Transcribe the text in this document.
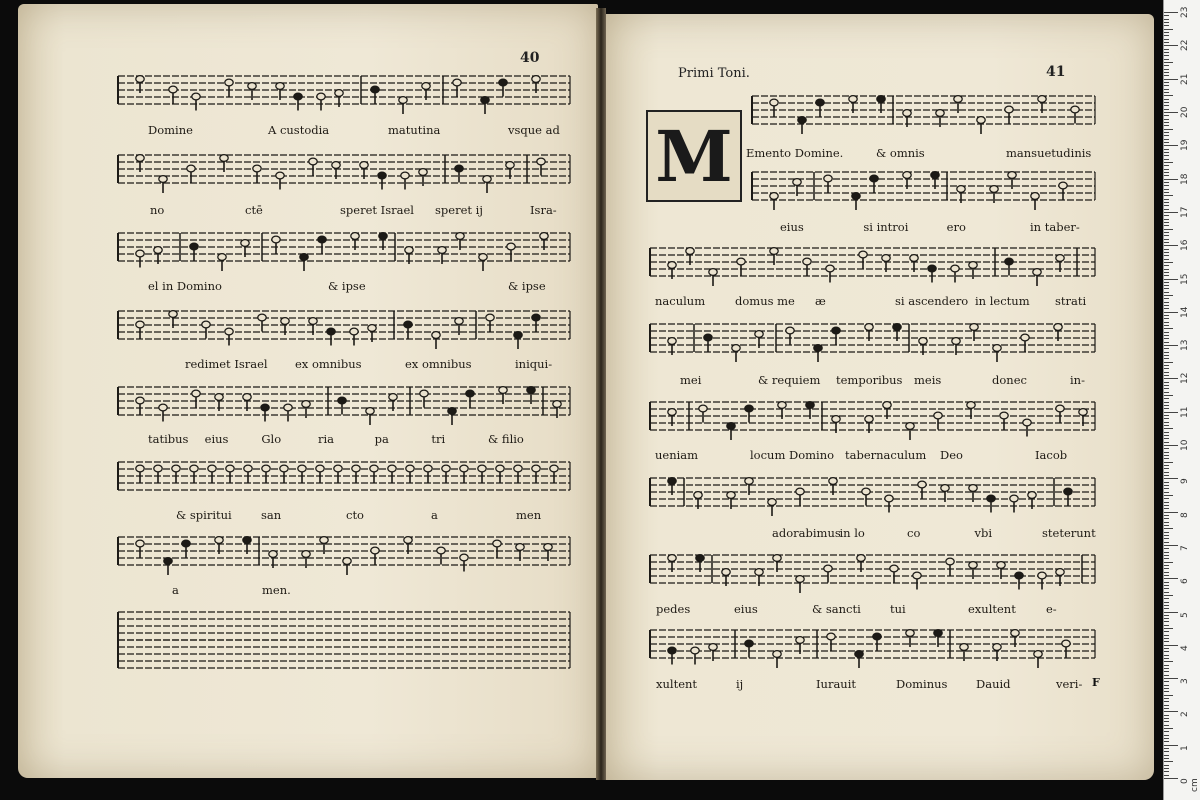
40
Primi Toni.	41
M
Domine	A custodia	matutina	vsque ad
no	ctē	speret Israel speret ij	Isra-
el in Domino	& ipse	& ipse
redimet Israel ex omnibus	ex omnibus	iniqui-
tatibus eius	Glo	ria	pa	tri	& filio
& spiritui	san	cto	a	men
a	men.
Emento Domine.	& omnis	mansuetudinis
eius	si introi	ero	in taber-
naculum	domus me æ	si ascendero in lectum strati
mei	& requiem temporibus meis	donec	in-
ueniam	locum Domino tabernaculum Deo	Iacob
adorabimus
in lo	co	vbi	steterunt
pedes	eius	& sancti	tui	exultent	e-
xultent	ij	Iurauit	Dominus Dauid	veri- F
0
1
2
3
4
5
6
7
8
9
10
11
12
13
14
15
16
17
18
19
20
21
22
23
cm
